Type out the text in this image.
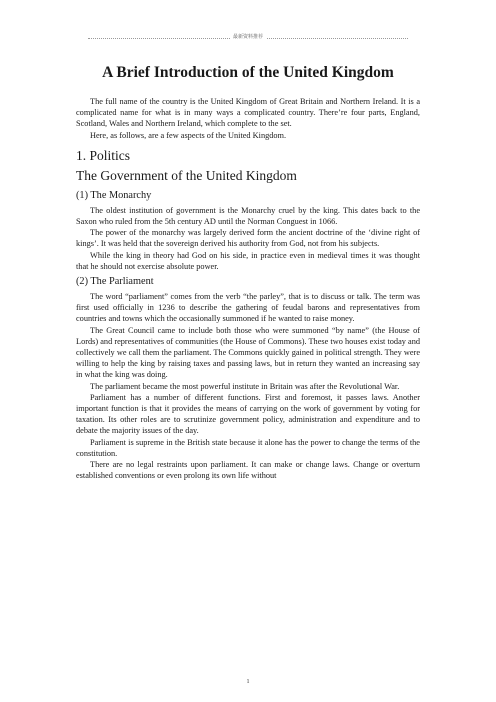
最新资料推荐
A Brief Introduction of the United Kingdom

The full name of the country is the United Kingdom of Great Britain and Northern Ireland. It is a complicated name for what is in many ways a complicated country. There’re four parts, England, Scotland, Wales and Northern Ireland, which complete to the set.

Here, as follows, are a few aspects of the United Kingdom.

1. Politics
The Government of the United Kingdom
(1) The Monarchy

The oldest institution of government is the Monarchy cruel by the king. This dates back to the Saxon who ruled from the 5th century AD until the Norman Conguest in 1066.

The power of the monarchy was largely derived form the ancient doctrine of the ‘divine right of kings’. It was held that the sovereign derived his authority from God, not from his subjects.

While the king in theory had God on his side, in practice even in medieval times it was thought that he should not exercise absolute power.

(2) The Parliament

The word “parliament” comes from the verb “the parley”, that is to discuss or talk. The term was first used officially in 1236 to describe the gathering of feudal barons and representatives from countries and towns which the occasionally summoned if he wanted to raise money.

The Great Council came to include both those who were summoned “by name” (the House of Lords) and representatives of communities (the House of Commons). These two houses exist today and collectively we call them the parliament. The Commons quickly gained in political strength. They were willing to help the king by raising taxes and passing laws, but in return they wanted an increasing say in what the king was doing.

The parliament became the most powerful institute in Britain was after the Revolutional War.

Parliament has a number of different functions. First and foremost, it passes laws. Another important function is that it provides the means of carrying on the work of government by voting for taxation. Its other roles are to scrutinize government policy, administration and expenditure and to debate the majority issues of the day.

Parliament is supreme in the British state because it alone has the power to change the terms of the constitution.

There are no legal restraints upon parliament. It can make or change laws. Change or overturn established conventions or even prolong its own life without

1
